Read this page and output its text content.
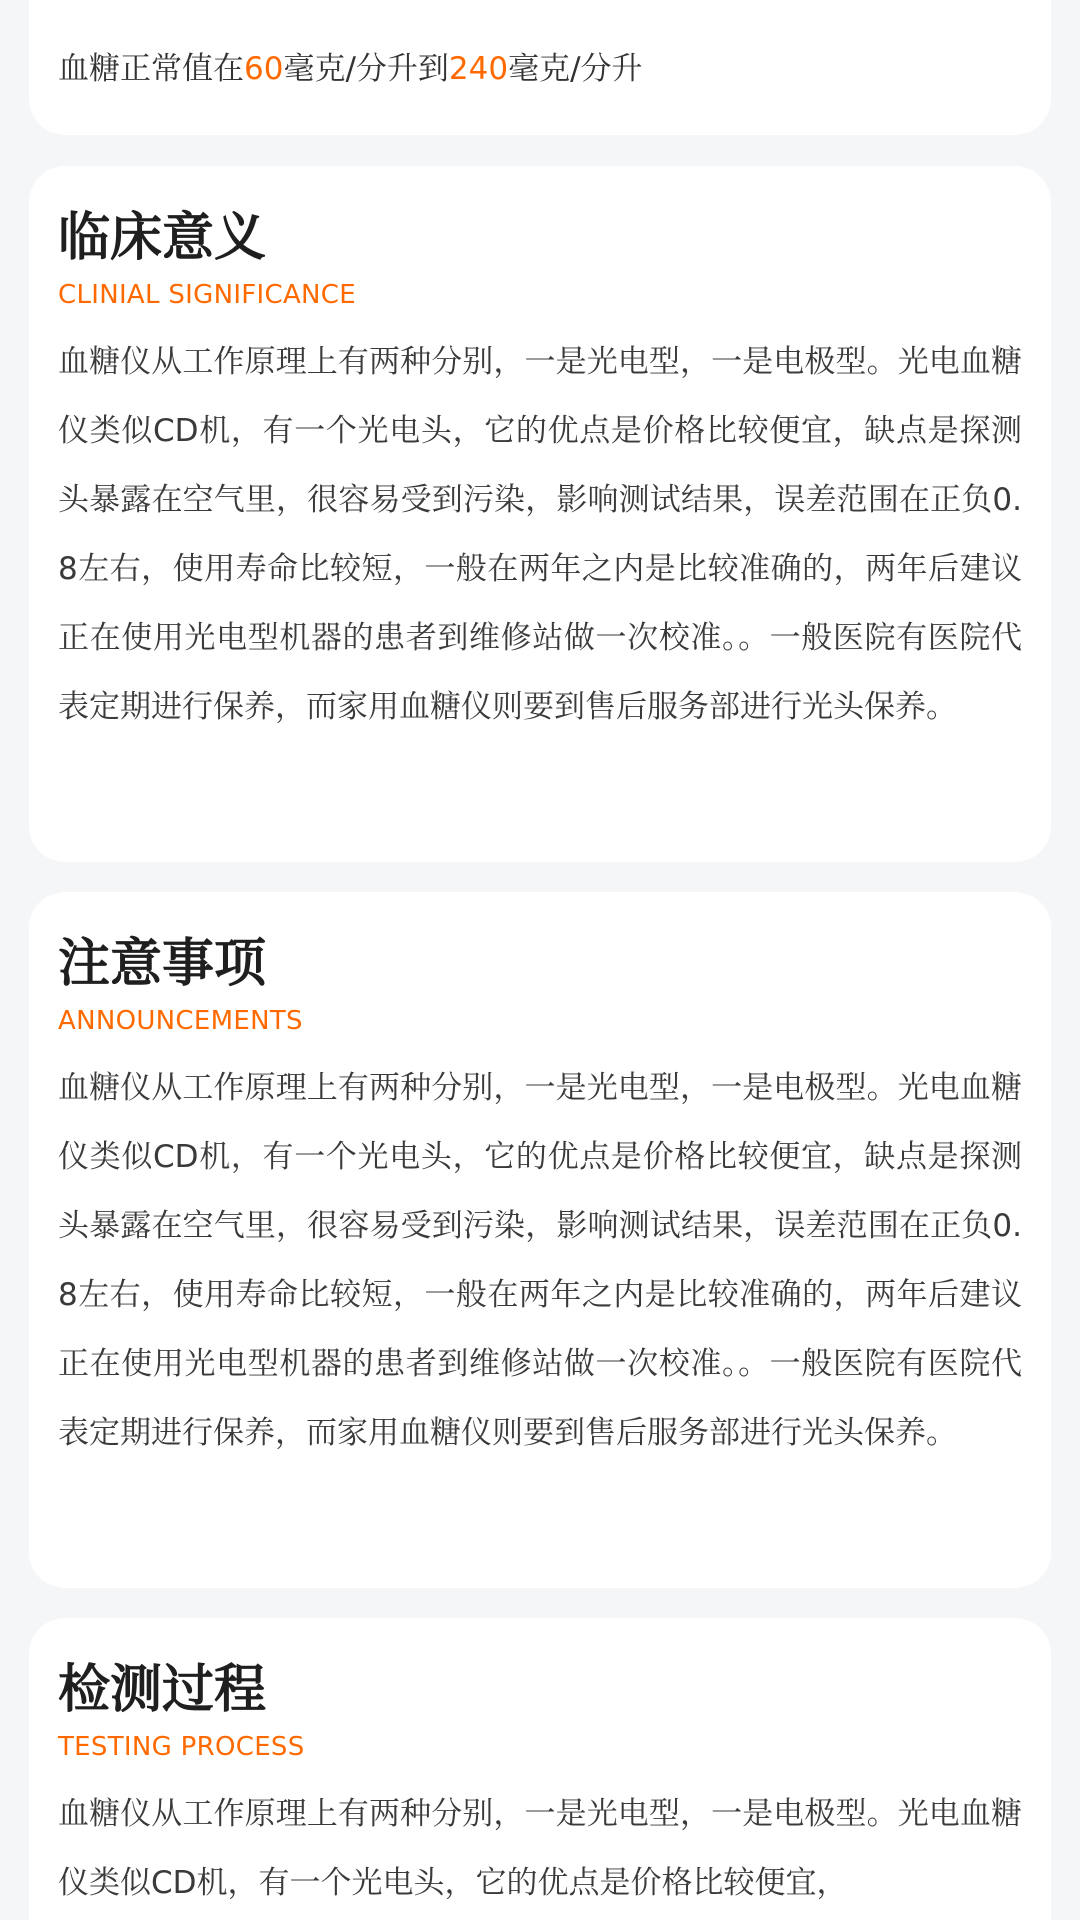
血糖正常值在60毫克/分升到240毫克/分升
临床意义
CLINIAL SIGNIFICANCE
血糖仪从工作原理上有两种分别，一是光电型，一是电极型。光电血糖仪类似CD机，有一个光电头，它的优点是价格比较便宜，缺点是探测头暴露在空气里，很容易受到污染，影响测试结果，误差范围在正负0.8左右，使用寿命比较短，一般在两年之内是比较准确的，两年后建议正在使用光电型机器的患者到维修站做一次校准。。一般医院有医院代表定期进行保养，而家用血糖仪则要到售后服务部进行光头保养。
注意事项
ANNOUNCEMENTS
血糖仪从工作原理上有两种分别，一是光电型，一是电极型。光电血糖仪类似CD机，有一个光电头，它的优点是价格比较便宜，缺点是探测头暴露在空气里，很容易受到污染，影响测试结果，误差范围在正负0.8左右，使用寿命比较短，一般在两年之内是比较准确的，两年后建议正在使用光电型机器的患者到维修站做一次校准。。一般医院有医院代表定期进行保养，而家用血糖仪则要到售后服务部进行光头保养。
检测过程
TESTING PROCESS
血糖仪从工作原理上有两种分别，一是光电型，一是电极型。光电血糖仪类似CD机，有一个光电头，它的优点是价格比较便宜，
